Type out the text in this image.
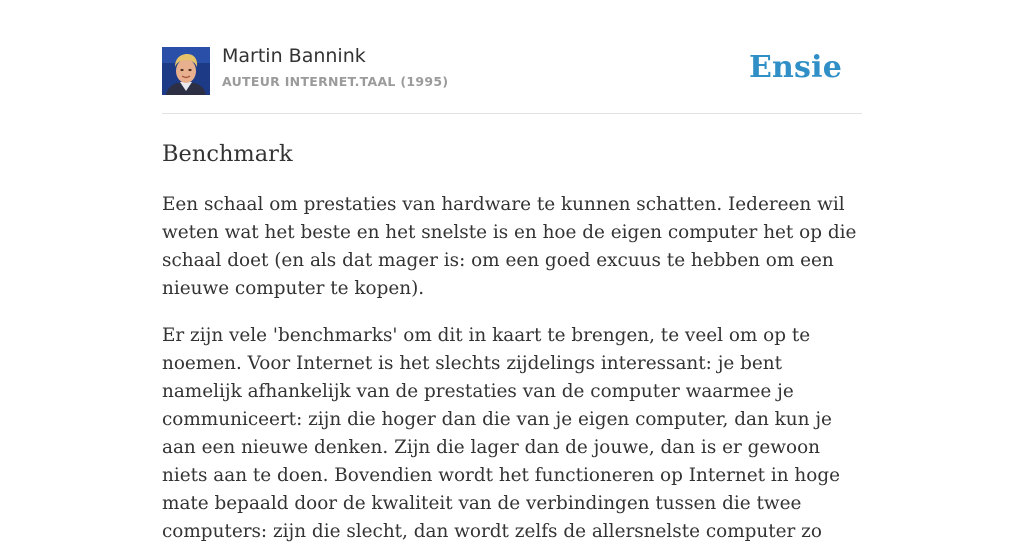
Martin Bannink
AUTEUR INTERNET.TAAL (1995)	Ensie
Benchmark

Een schaal om prestaties van hardware te kunnen schatten. Iedereen wil weten wat het beste en het snelste is en hoe de eigen computer het op die schaal doet (en als dat mager is: om een goed excuus te hebben om een nieuwe computer te kopen).

Er zijn vele 'benchmarks' om dit in kaart te brengen, te veel om op te noemen. Voor Internet is het slechts zijdelings interessant: je bent namelijk afhankelijk van de prestaties van de computer waarmee je communiceert: zijn die hoger dan die van je eigen computer, dan kun je aan een nieuwe denken. Zijn die lager dan de jouwe, dan is er gewoon niets aan te doen. Bovendien wordt het functioneren op Internet in hoge mate bepaald door de kwaliteit van de verbindingen tussen die twee computers: zijn die slecht, dan wordt zelfs de allersnelste computer zo
